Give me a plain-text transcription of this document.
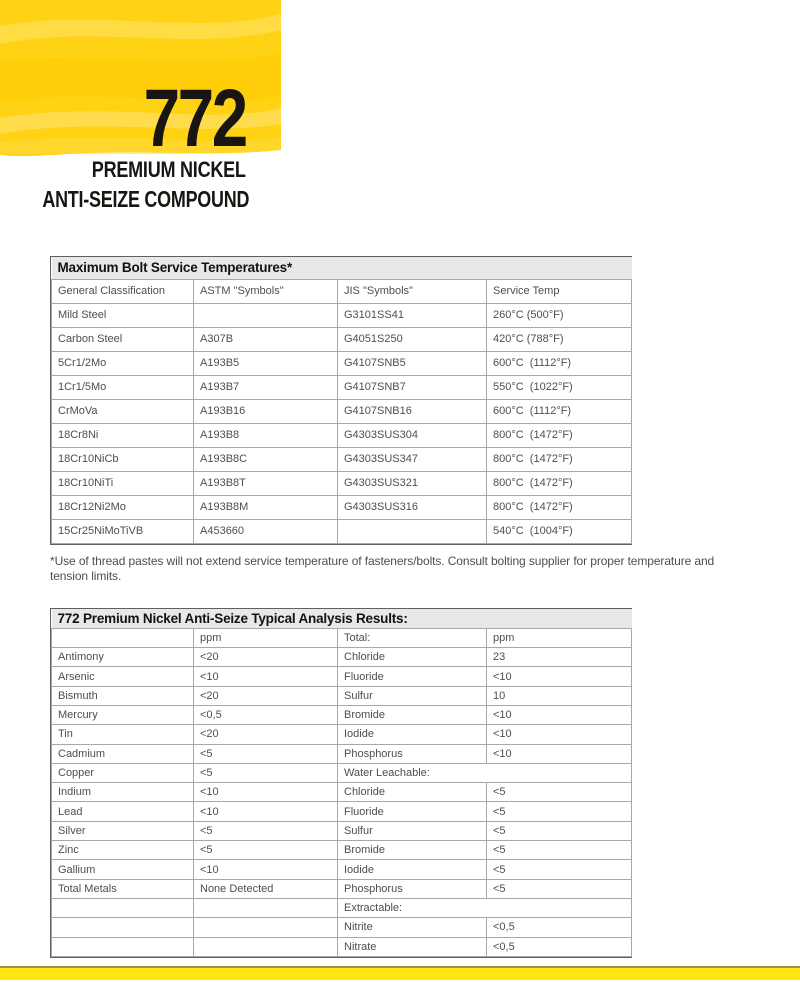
772
PREMIUM NICKEL
ANTI-SEIZE COMPOUND
Maximum Bolt Service Temperatures*			
General Classification	ASTM "Symbols"	JIS "Symbols"	Service Temp
Mild Steel		G3101SS41	260°C (500°F)
Carbon Steel	A307B	G4051S250	420°C (788°F)
5Cr1/2Mo	A193B5	G4107SNB5	600°C  (1112°F)
1Cr1/5Mo	A193B7	G4107SNB7	550°C  (1022°F)
CrMoVa	A193B16	G4107SNB16	600°C  (1112°F)
18Cr8Ni	A193B8	G4303SUS304	800°C  (1472°F)
18Cr10NiCb	A193B8C	G4303SUS347	800°C  (1472°F)
18Cr10NiTi	A193B8T	G4303SUS321	800°C  (1472°F)
18Cr12Ni2Mo	A193B8M	G4303SUS316	800°C  (1472°F)
15Cr25NiMoTiVB	A453660		540°C  (1004°F)
*Use of thread pastes will not extend service temperature of fasteners/bolts. Consult bolting supplier for proper temperature and
tension limits.
772 Premium Nickel Anti-Seize Typical Analysis Results:			
	ppm	Total:	ppm
Antimony	<20	Chloride	23
Arsenic	<10	Fluoride	<10
Bismuth	<20	Sulfur	10
Mercury	<0,5	Bromide	<10
Tin	<20	Iodide	<10
Cadmium	<5	Phosphorus	<10
Copper	<5	Water Leachable:	
Indium	<10	Chloride	<5
Lead	<10	Fluoride	<5
Silver	<5	Sulfur	<5
Zinc	<5	Bromide	<5
Gallium	<10	Iodide	<5
Total Metals	None Detected	Phosphorus	<5
		Extractable:	
		Nitrite	<0,5
		Nitrate	<0,5
